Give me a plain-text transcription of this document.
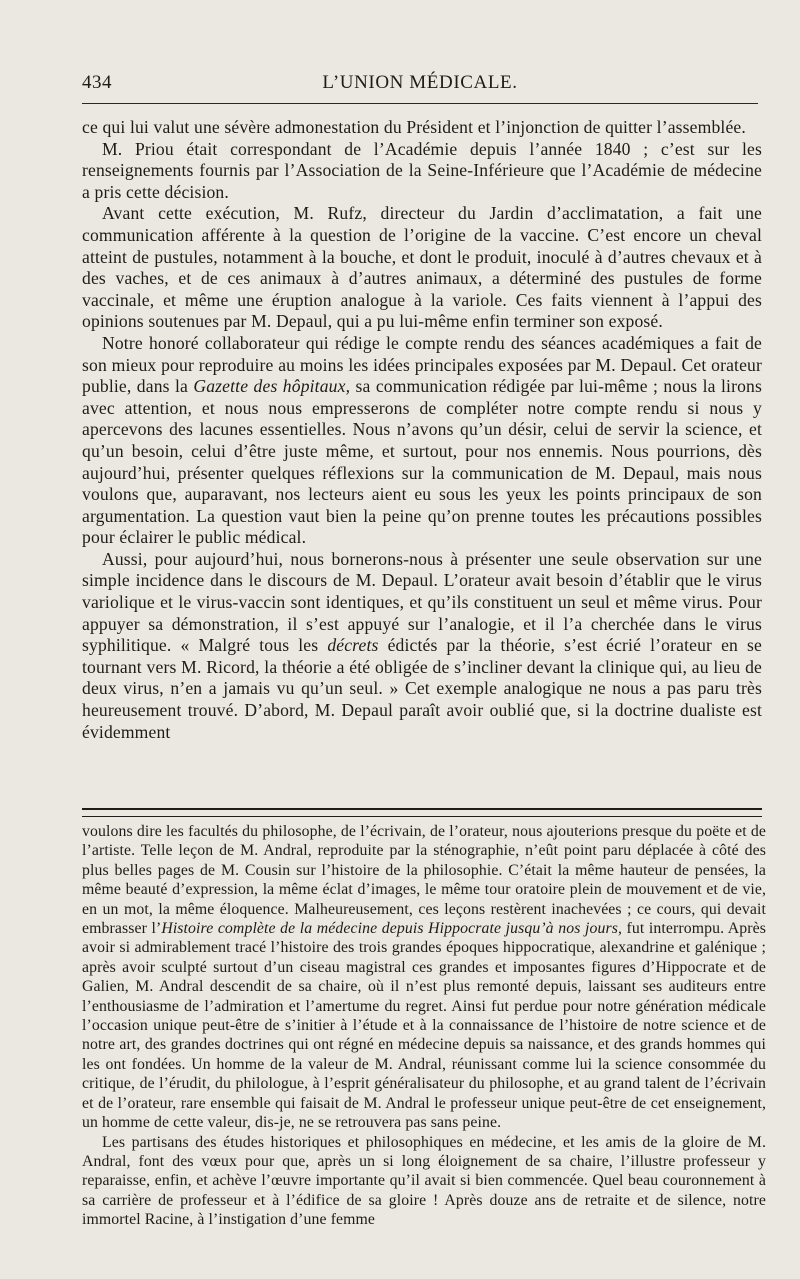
434	L’UNION MÉDICALE.

ce qui lui valut une sévère admonestation du Président et l’injonction de quitter l’assemblée.

M. Priou était correspondant de l’Académie depuis l’année 1840 ; c’est sur les renseignements fournis par l’Association de la Seine-Inférieure que l’Académie de médecine a pris cette décision.

Avant cette exécution, M. Rufz, directeur du Jardin d’acclimatation, a fait une communication afférente à la question de l’origine de la vaccine. C’est encore un cheval atteint de pustules, notamment à la bouche, et dont le produit, inoculé à d’autres chevaux et à des vaches, et de ces animaux à d’autres animaux, a déterminé des pustules de forme vaccinale, et même une éruption analogue à la variole. Ces faits viennent à l’appui des opinions soutenues par M. Depaul, qui a pu lui-même enfin terminer son exposé.

Notre honoré collaborateur qui rédige le compte rendu des séances académiques a fait de son mieux pour reproduire au moins les idées principales exposées par M. Depaul. Cet orateur publie, dans la Gazette des hôpitaux, sa communication rédigée par lui-même ; nous la lirons avec attention, et nous nous empresserons de compléter notre compte rendu si nous y apercevons des lacunes essentielles. Nous n’avons qu’un désir, celui de servir la science, et qu’un besoin, celui d’être juste même, et surtout, pour nos ennemis. Nous pourrions, dès aujourd’hui, présenter quelques réflexions sur la communication de M. Depaul, mais nous voulons que, auparavant, nos lecteurs aient eu sous les yeux les points principaux de son argumentation. La question vaut bien la peine qu’on prenne toutes les précautions possibles pour éclairer le public médical.

Aussi, pour aujourd’hui, nous bornerons-nous à présenter une seule observation sur une simple incidence dans le discours de M. Depaul. L’orateur avait besoin d’établir que le virus variolique et le virus-vaccin sont identiques, et qu’ils constituent un seul et même virus. Pour appuyer sa démonstration, il s’est appuyé sur l’analogie, et il l’a cherchée dans le virus syphilitique. « Malgré tous les décrets édictés par la théorie, s’est écrié l’orateur en se tournant vers M. Ricord, la théorie a été obligée de s’incliner devant la clinique qui, au lieu de deux virus, n’en a jamais vu qu’un seul. » Cet exemple analogique ne nous a pas paru très heureusement trouvé. D’abord, M. Depaul paraît avoir oublié que, si la doctrine dualiste est évidemment

voulons dire les facultés du philosophe, de l’écrivain, de l’orateur, nous ajouterions presque du poëte et de l’artiste. Telle leçon de M. Andral, reproduite par la sténographie, n’eût point paru déplacée à côté des plus belles pages de M. Cousin sur l’histoire de la philosophie. C’était la même hauteur de pensées, la même beauté d’expression, la même éclat d’images, le même tour oratoire plein de mouvement et de vie, en un mot, la même éloquence. Malheureusement, ces leçons restèrent inachevées ; ce cours, qui devait embrasser l’Histoire complète de la médecine depuis Hippocrate jusqu’à nos jours, fut interrompu. Après avoir si admirablement tracé l’histoire des trois grandes époques hippocratique, alexandrine et galénique ; après avoir sculpté surtout d’un ciseau magistral ces grandes et imposantes figures d’Hippocrate et de Galien, M. Andral descendit de sa chaire, où il n’est plus remonté depuis, laissant ses auditeurs entre l’enthousiasme de l’admiration et l’amertume du regret. Ainsi fut perdue pour notre génération médicale l’occasion unique peut-être de s’initier à l’étude et à la connaissance de l’histoire de notre science et de notre art, des grandes doctrines qui ont régné en médecine depuis sa naissance, et des grands hommes qui les ont fondées. Un homme de la valeur de M. Andral, réunissant comme lui la science consommée du critique, de l’érudit, du philologue, à l’esprit généralisateur du philosophe, et au grand talent de l’écrivain et de l’orateur, rare ensemble qui faisait de M. Andral le professeur unique peut-être de cet enseignement, un homme de cette valeur, dis-je, ne se retrouvera pas sans peine.

Les partisans des études historiques et philosophiques en médecine, et les amis de la gloire de M. Andral, font des vœux pour que, après un si long éloignement de sa chaire, l’illustre professeur y reparaisse, enfin, et achève l’œuvre importante qu’il avait si bien commencée. Quel beau couronnement à sa carrière de professeur et à l’édifice de sa gloire ! Après douze ans de retraite et de silence, notre immortel Racine, à l’instigation d’une femme
